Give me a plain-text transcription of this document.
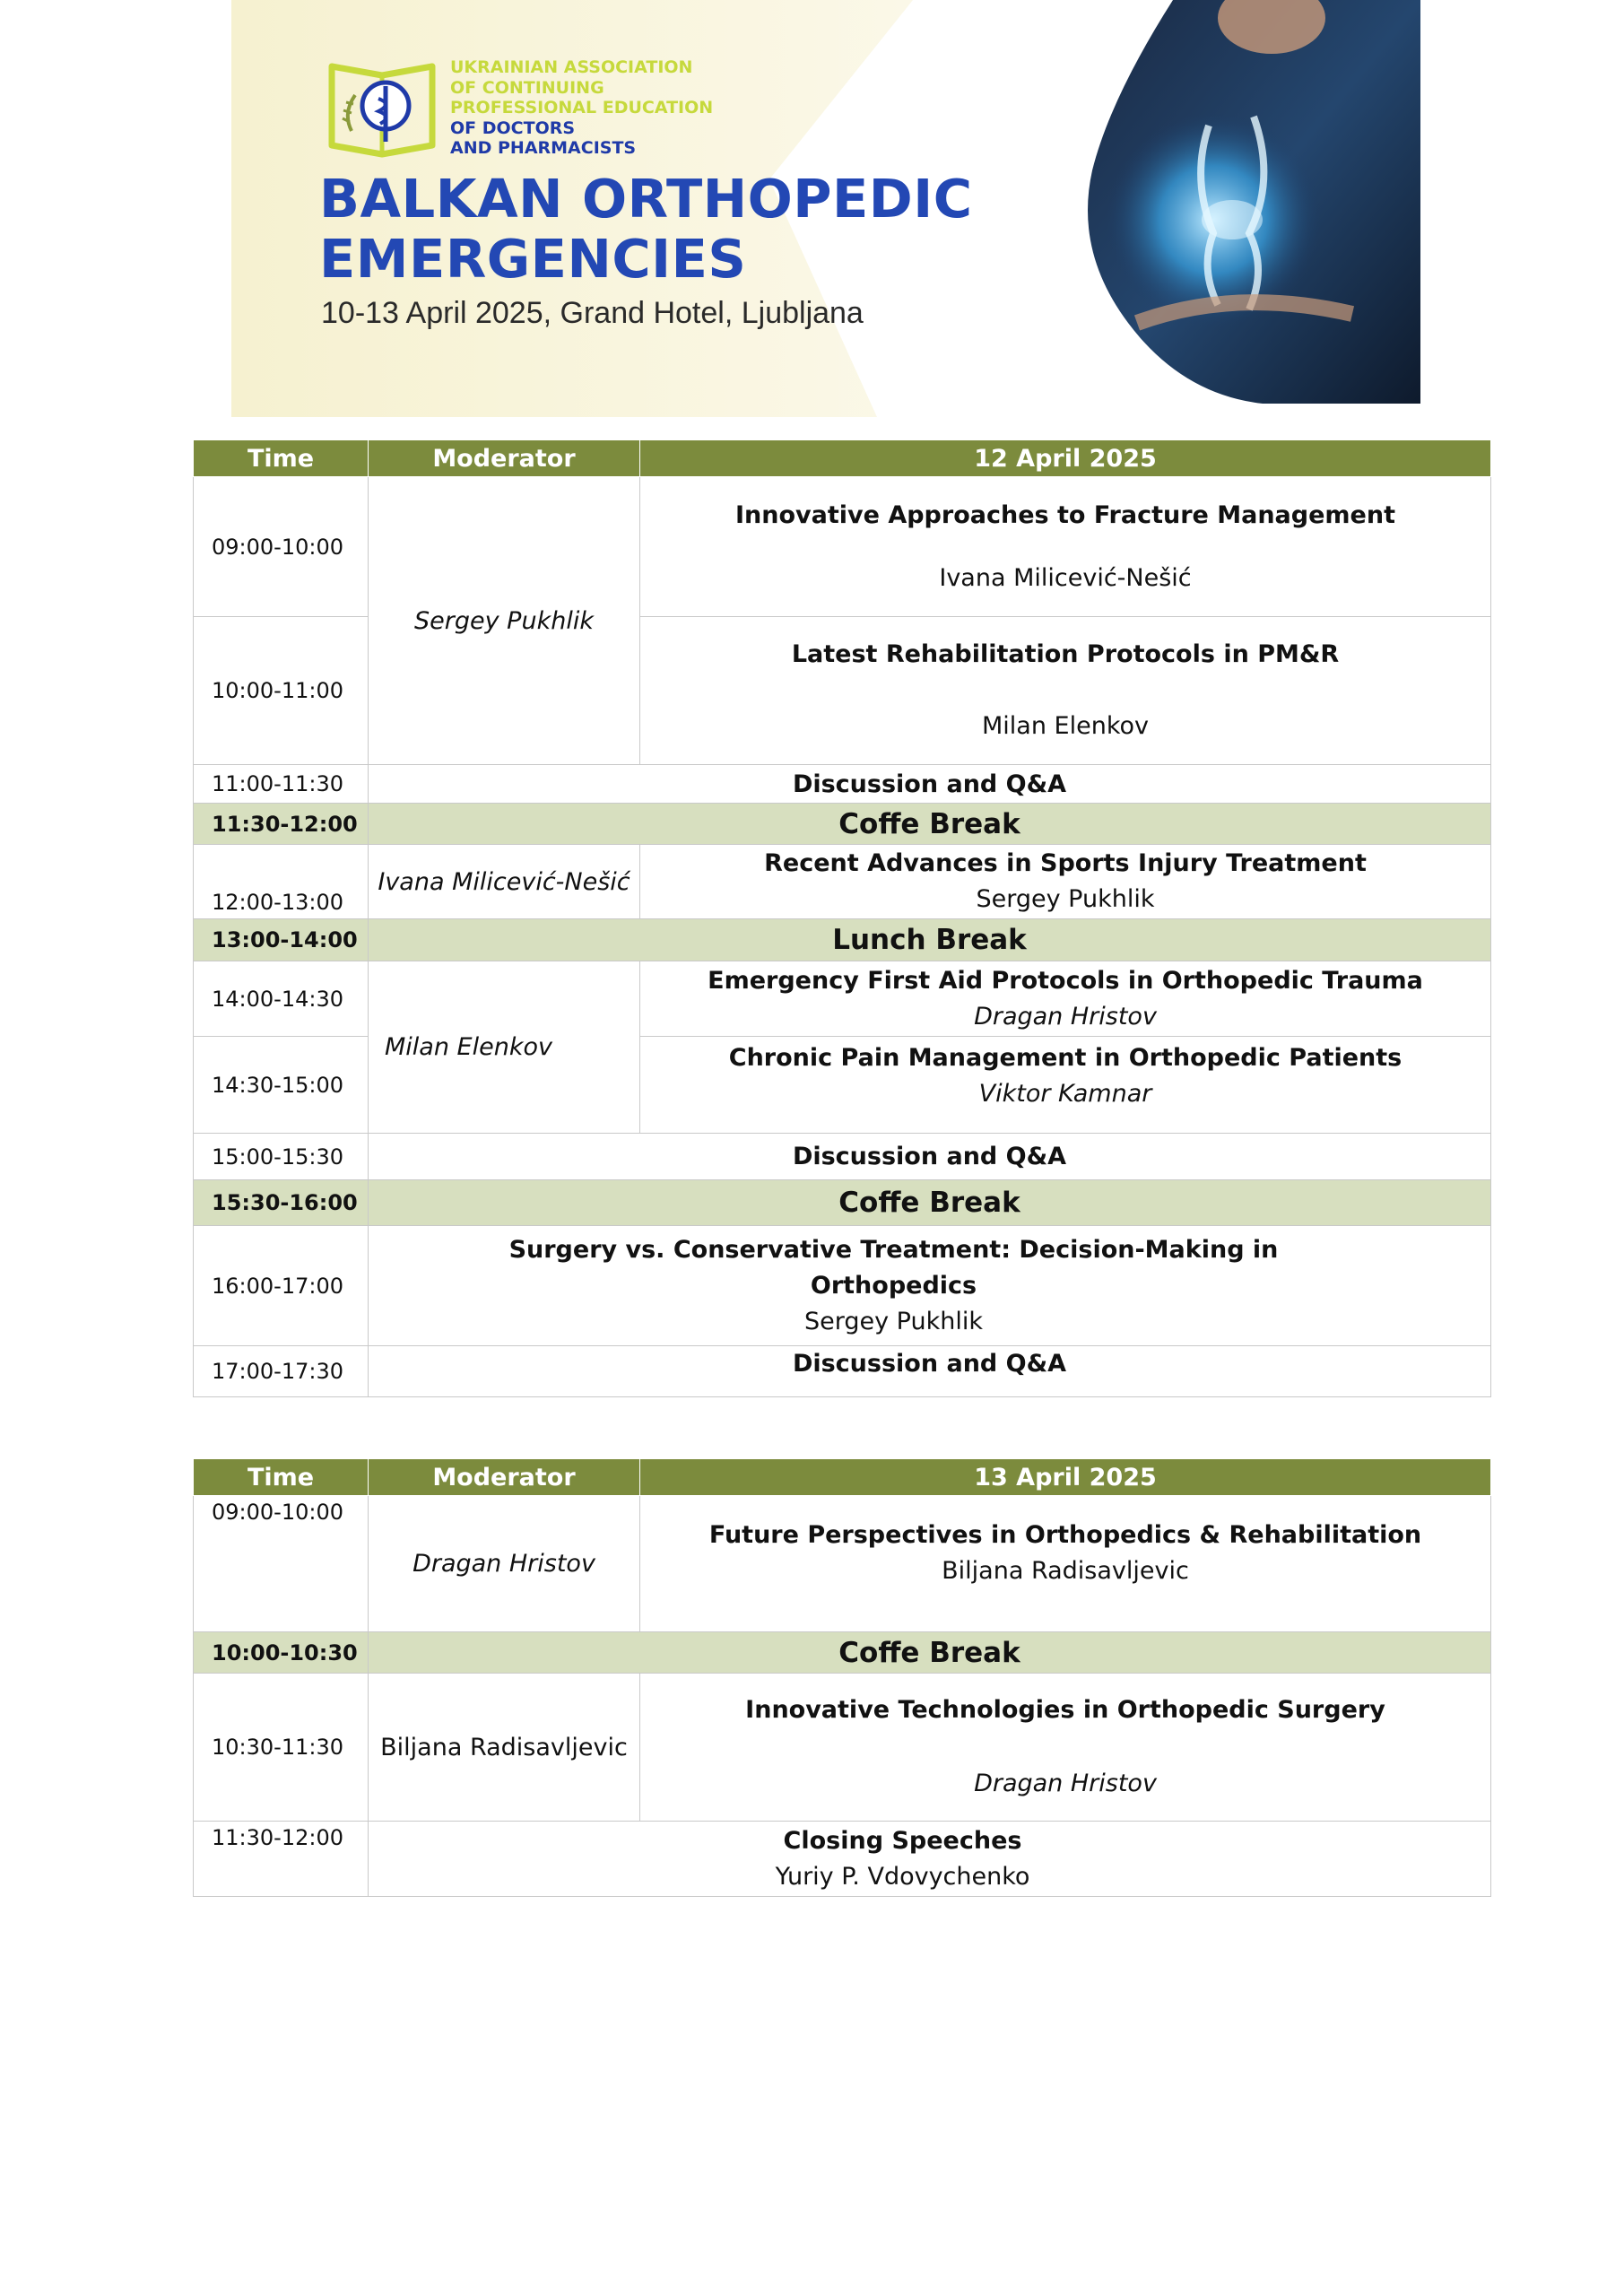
UKRAINIAN ASSOCIATION
OF CONTINUING
PROFESSIONAL EDUCATION
OF DOCTORS
AND PHARMACISTS
BALKAN ORTHOPEDIC
EMERGENCIES
10-13 April 2025, Grand Hotel, Ljubljana
Time	Moderator	12 April 2025
09:00-10:00	Sergey Pukhlik	Innovative Approaches to Fracture Management
Ivana Milicević-Nešić

10:00-11:00		Latest Rehabilitation Protocols in PM&R
Milan Elenkov

11:00-11:30	Discussion and Q&A	
11:30-12:00	Coffe Break	
12:00-13:00	Ivana Milicević-Nešić	Recent Advances in Sports Injury Treatment
Sergey Pukhlik

13:00-14:00	Lunch Break	
14:00-14:30	Milan Elenkov	Emergency First Aid Protocols in Orthopedic Trauma
Dragan Hristov

14:30-15:00		Chronic Pain Management in Orthopedic Patients
Viktor Kamnar

15:00-15:30	Discussion and Q&A	
15:30-16:00	Coffe Break	
16:00-17:00	Surgery vs. Conservative Treatment: Decision-Making in
Orthopedics
Sergey Pukhlik	

17:00-17:30	Discussion and Q&A	
Time	Moderator	13 April 2025
09:00-10:00	Dragan Hristov	Future Perspectives in Orthopedics & Rehabilitation
Biljana Radisavljevic

10:00-10:30	Coffe Break	
10:30-11:30	Biljana Radisavljevic	Innovative Technologies in Orthopedic Surgery
Dragan Hristov

11:30-12:00	Closing Speeches
Yuriy P. Vdovychenko	
